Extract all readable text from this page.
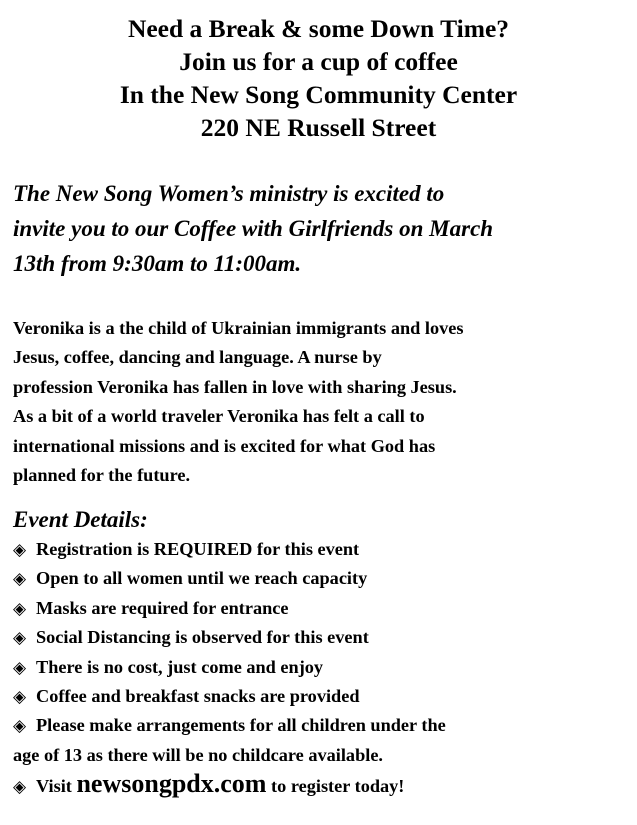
Need a Break & some Down Time?
Join us for a cup of coffee
In the New Song Community Center
220 NE Russell Street
The New Song Women’s ministry is excited to
invite you to our Coffee with Girlfriends on March
13th from 9:30am to 11:00am.
Veronika is a the child of Ukrainian immigrants and loves
Jesus, coffee, dancing and language. A nurse by
profession Veronika has fallen in love with sharing Jesus.
As a bit of a world traveler Veronika has felt a call to
international missions and is excited for what God has
planned for the future.
Event Details:
◈ Registration is REQUIRED for this event
◈ Open to all women until we reach capacity
◈ Masks are required for entrance
◈ Social Distancing is observed for this event
◈ There is no cost, just come and enjoy
◈ Coffee and breakfast snacks are provided
◈ Please make arrangements for all children under the
age of 13 as there will be no childcare available.
◈ Visit newsongpdx.com to register today!
